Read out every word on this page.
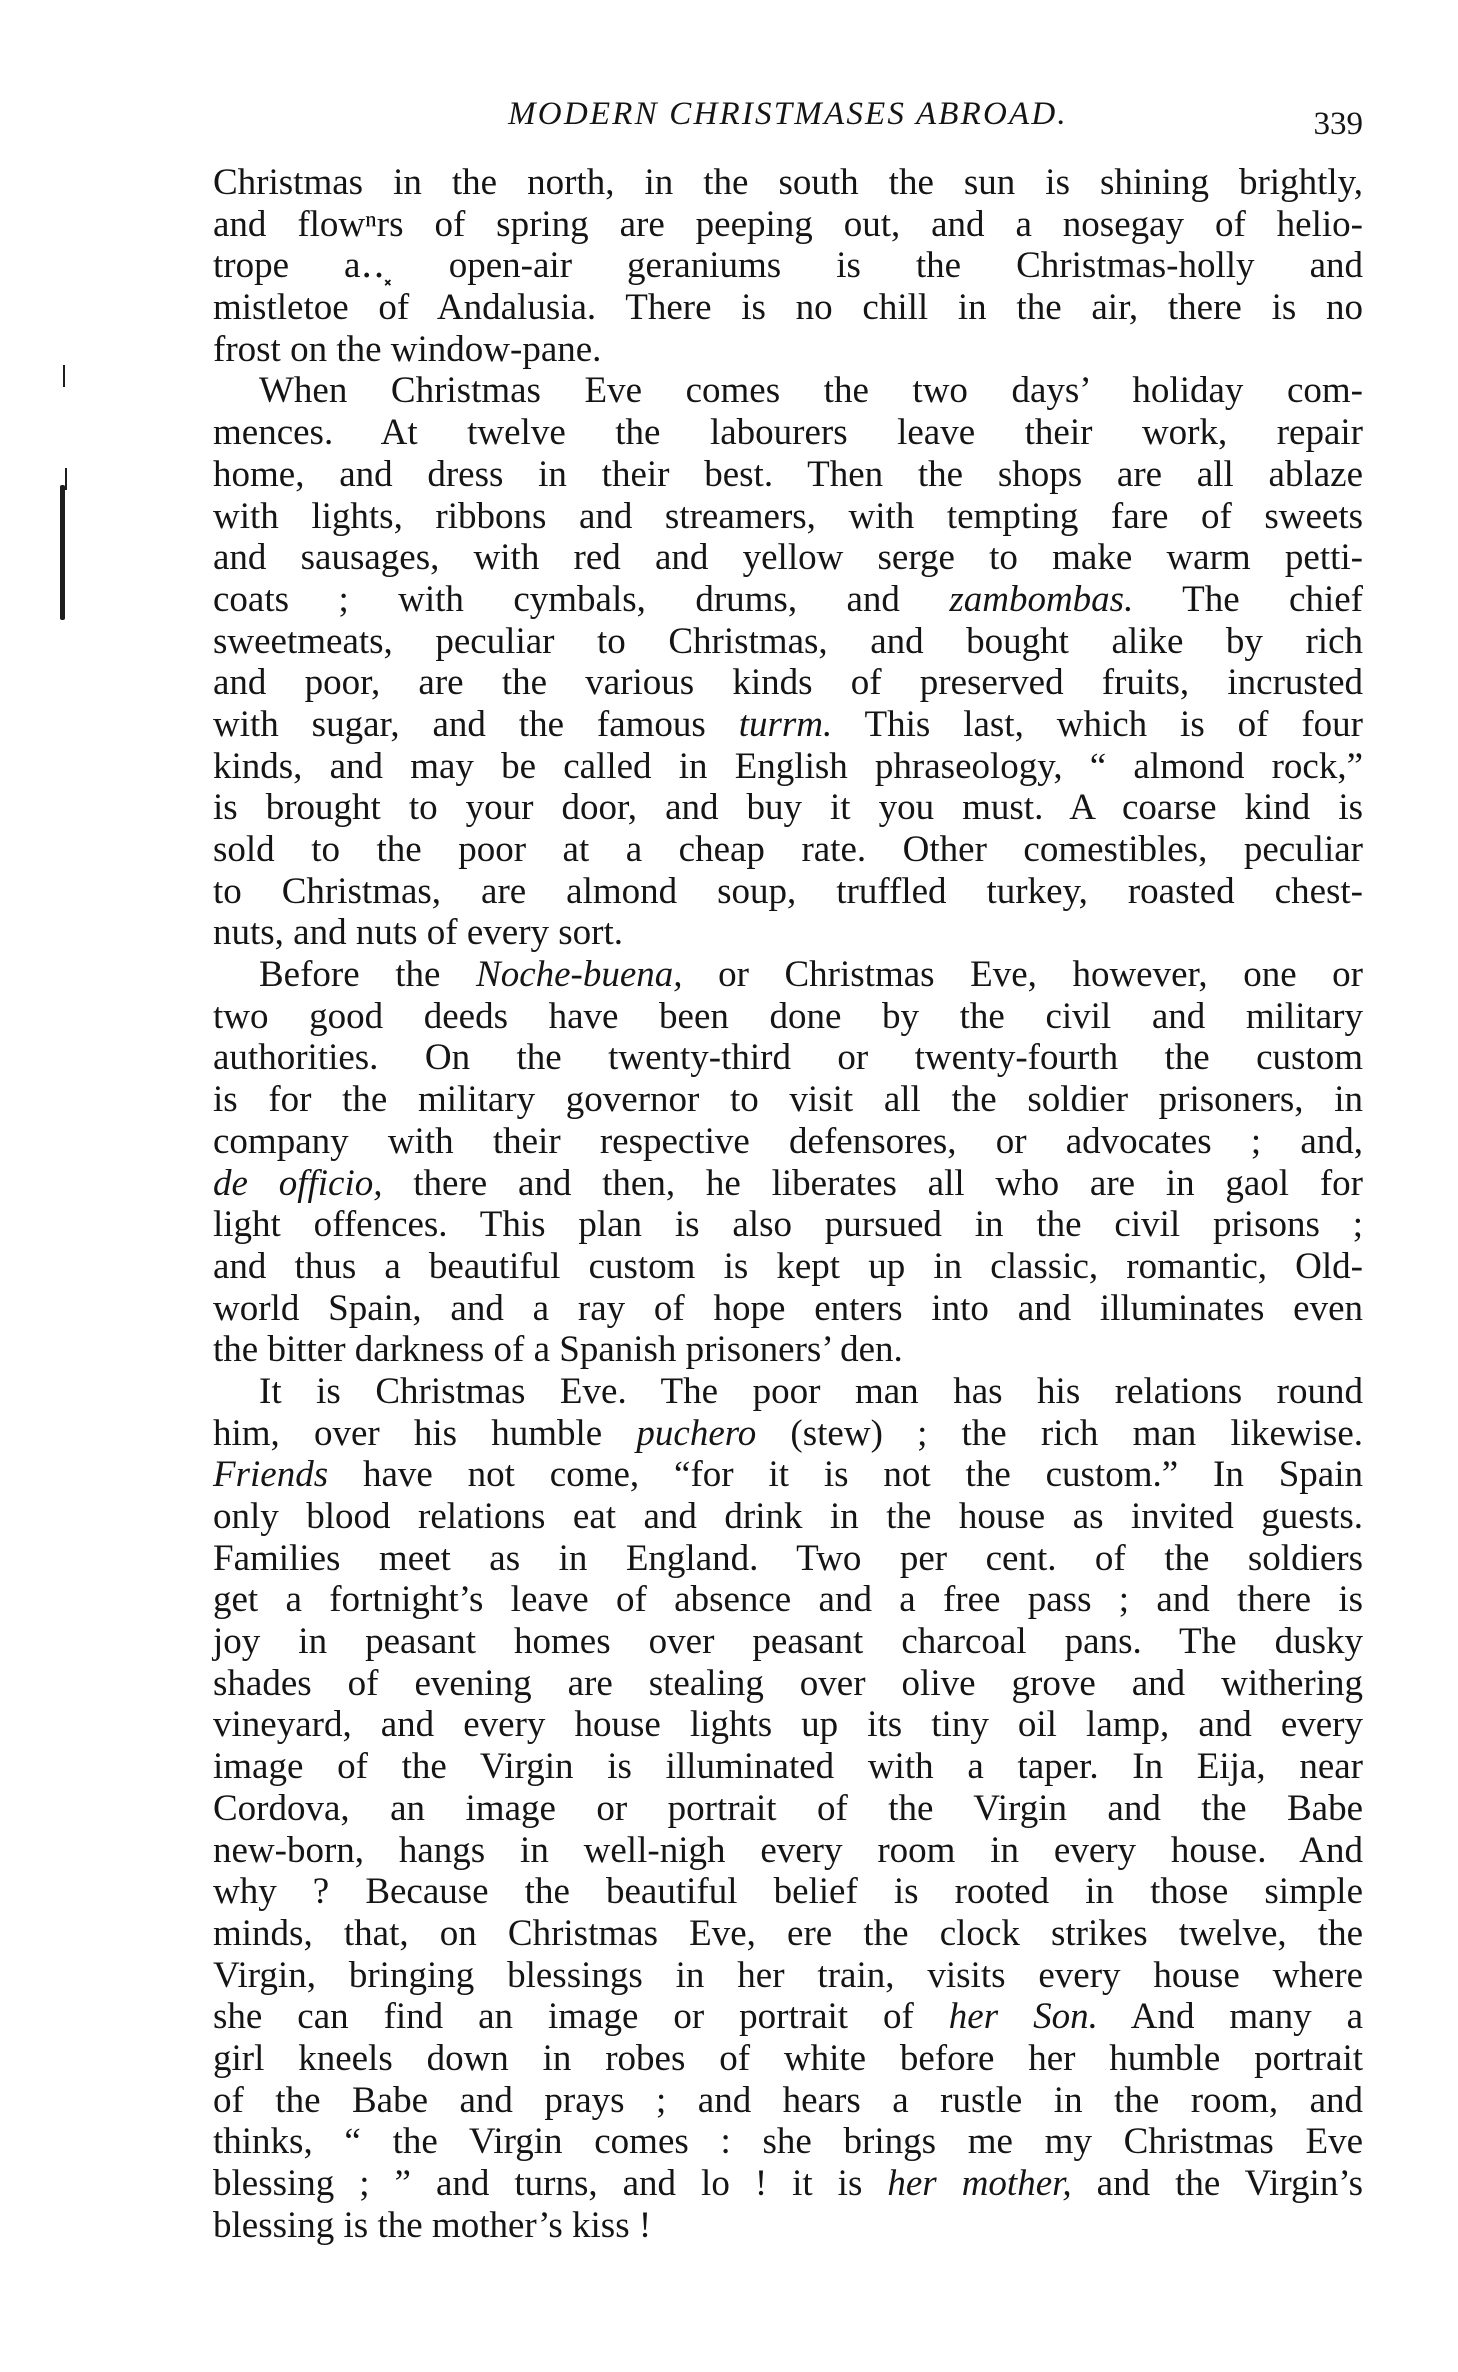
MODERN CHRISTMASES ABROAD.	339
Christmas in the north, in the south the sun is shining brightly,
and flowⁿrs of spring are peeping out, and a nosegay of helio-
trope a‥⸼ open-air geraniums is the Christmas-holly and
mistletoe of Andalusia. There is no chill in the air, there is no
frost on the window-pane.
When Christmas Eve comes the two days’ holiday com-
mences. At twelve the labourers leave their work, repair
home, and dress in their best. Then the shops are all ablaze
with lights, ribbons and streamers, with tempting fare of sweets
and sausages, with red and yellow serge to make warm petti-
coats ; with cymbals, drums, and zambombas. The chief
sweetmeats, peculiar to Christmas, and bought alike by rich
and poor, are the various kinds of preserved fruits, incrusted
with sugar, and the famous turrm. This last, which is of four
kinds, and may be called in English phraseology, “ almond rock,”
is brought to your door, and buy it you must. A coarse kind is
sold to the poor at a cheap rate. Other comestibles, peculiar
to Christmas, are almond soup, truffled turkey, roasted chest-
nuts, and nuts of every sort.
Before the Noche-buena, or Christmas Eve, however, one or
two good deeds have been done by the civil and military
authorities. On the twenty-third or twenty-fourth the custom
is for the military governor to visit all the soldier prisoners, in
company with their respective defensores, or advocates ; and,
de officio, there and then, he liberates all who are in gaol for
light offences. This plan is also pursued in the civil prisons ;
and thus a beautiful custom is kept up in classic, romantic, Old-
world Spain, and a ray of hope enters into and illuminates even
the bitter darkness of a Spanish prisoners’ den.
It is Christmas Eve. The poor man has his relations round
him, over his humble puchero (stew) ; the rich man likewise.
Friends have not come, “for it is not the custom.” In Spain
only blood relations eat and drink in the house as invited guests.
Families meet as in England. Two per cent. of the soldiers
get a fortnight’s leave of absence and a free pass ; and there is
joy in peasant homes over peasant charcoal pans. The dusky
shades of evening are stealing over olive grove and withering
vineyard, and every house lights up its tiny oil lamp, and every
image of the Virgin is illuminated with a taper. In Eija, near
Cordova, an image or portrait of the Virgin and the Babe
new-born, hangs in well-nigh every room in every house. And
why ? Because the beautiful belief is rooted in those simple
minds, that, on Christmas Eve, ere the clock strikes twelve, the
Virgin, bringing blessings in her train, visits every house where
she can find an image or portrait of her Son. And many a
girl kneels down in robes of white before her humble portrait
of the Babe and prays ; and hears a rustle in the room, and
thinks, “ the Virgin comes : she brings me my Christmas Eve
blessing ; ” and turns, and lo ! it is her mother, and the Virgin’s
blessing is the mother’s kiss !
